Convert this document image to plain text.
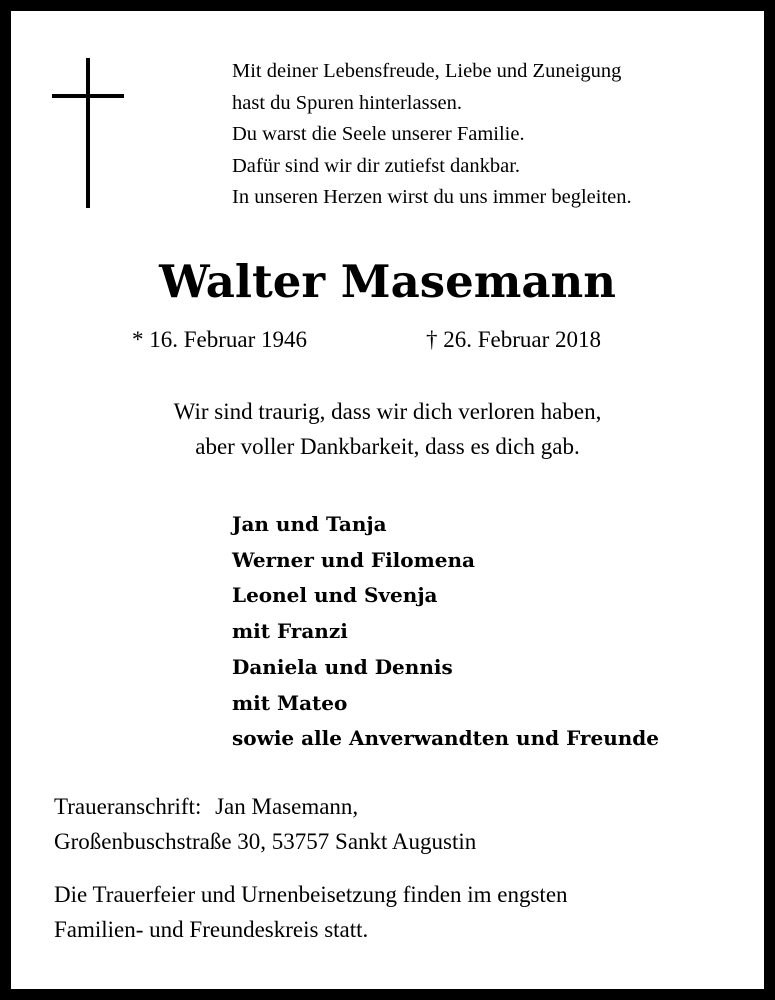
Mit deiner Lebensfreude, Liebe und Zuneigung
hast du Spuren hinterlassen.
Du warst die Seele unserer Familie.
Dafür sind wir dir zutiefst dankbar.
In unseren Herzen wirst du uns immer begleiten.
Walter Masemann
* 16. Februar 1946	† 26. Februar 2018
Wir sind traurig, dass wir dich verloren haben,
aber voller Dankbarkeit, dass es dich gab.
Jan und Tanja
Werner und Filomena
Leonel und Svenja
mit Franzi
Daniela und Dennis
mit Mateo
sowie alle Anverwandten und Freunde
Traueranschrift: Jan Masemann,
Großenbuschstraße 30, 53757 Sankt Augustin
Die Trauerfeier und Urnenbeisetzung finden im engsten
Familien- und Freundeskreis statt.
